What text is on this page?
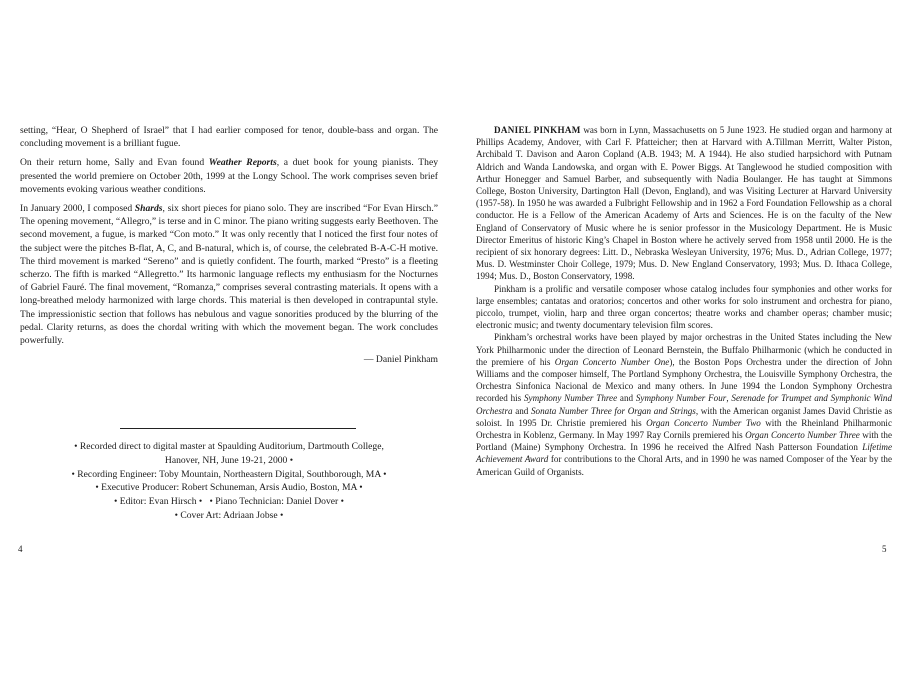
setting, “Hear, O Shepherd of Israel” that I had earlier composed for tenor, double-bass and organ. The concluding movement is a brilliant fugue.

On their return home, Sally and Evan found Weather Reports, a duet book for young pianists. They presented the world premiere on October 20th, 1999 at the Longy School. The work comprises seven brief movements evoking various weather conditions.

In January 2000, I composed Shards, six short pieces for piano solo. They are inscribed “For Evan Hirsch.” The opening movement, “Allegro,” is terse and in C minor. The piano writing suggests early Beethoven. The second movement, a fugue, is marked “Con moto.” It was only recently that I noticed the first four notes of the subject were the pitches B-flat, A, C, and B-natural, which is, of course, the celebrated B-A-C-H motive. The third movement is marked “Sereno” and is quietly confident. The fourth, marked “Presto” is a fleeting scherzo. The fifth is marked “Allegretto.” Its harmonic language reflects my enthusiasm for the Nocturnes of Gabriel Fauré. The final movement, “Romanza,” comprises several contrasting materials. It opens with a long-breathed melody harmonized with large chords. This material is then developed in contrapuntal style. The impressionistic section that follows has nebulous and vague sonorities produced by the blurring of the pedal. Clarity returns, as does the chordal writing with which the movement began. The work concludes powerfully.

— Daniel Pinkham
• Recorded direct to digital master at Spaulding Auditorium, Dartmouth College,
Hanover, NH, June 19-21, 2000 •
• Recording Engineer: Toby Mountain, Northeastern Digital, Southborough, MA •
• Executive Producer: Robert Schuneman, Arsis Audio, Boston, MA •
• Editor: Evan Hirsch •   • Piano Technician: Daniel Dover •
• Cover Art: Adriaan Jobse •
4

DANIEL PINKHAM was born in Lynn, Massachusetts on 5 June 1923. He studied organ and harmony at Phillips Academy, Andover, with Carl F. Pfatteicher; then at Harvard with A.Tillman Merritt, Walter Piston, Archibald T. Davison and Aaron Copland (A.B. 1943; M. A 1944). He also studied harpsichord with Putnam Aldrich and Wanda Landowska, and organ with E. Power Biggs. At Tanglewood he studied composition with Arthur Honegger and Samuel Barber, and subsequently with Nadia Boulanger. He has taught at Simmons College, Boston University, Dartington Hall (Devon, England), and was Visiting Lecturer at Harvard University (1957-58). In 1950 he was awarded a Fulbright Fellowship and in 1962 a Ford Foundation Fellowship as a choral conductor. He is a Fellow of the American Academy of Arts and Sciences. He is on the faculty of the New England of Conservatory of Music where he is senior professor in the Musicology Department. He is Music Director Emeritus of historic King’s Chapel in Boston where he actively served from 1958 until 2000. He is the recipient of six honorary degrees: Litt. D., Nebraska Wesleyan University, 1976; Mus. D., Adrian College, 1977; Mus. D. Westminster Choir College, 1979; Mus. D. New England Conservatory, 1993; Mus. D. Ithaca College, 1994; Mus. D., Boston Conservatory, 1998.

Pinkham is a prolific and versatile composer whose catalog includes four symphonies and other works for large ensembles; cantatas and oratorios; concertos and other works for solo instrument and orchestra for piano, piccolo, trumpet, violin, harp and three organ concertos; theatre works and chamber operas; chamber music; electronic music; and twenty documentary television film scores.

Pinkham’s orchestral works have been played by major orchestras in the United States including the New York Philharmonic under the direction of Leonard Bernstein, the Buffalo Philharmonic (which he conducted in the premiere of his Organ Concerto Number One), the Boston Pops Orchestra under the direction of John Williams and the composer himself, The Portland Symphony Orchestra, the Louisville Symphony Orchestra, the Orchestra Sinfonica Nacional de Mexico and many others. In June 1994 the London Symphony Orchestra recorded his Symphony Number Three and Symphony Number Four, Serenade for Trumpet and Symphonic Wind Orchestra and Sonata Number Three for Organ and Strings, with the American organist James David Christie as soloist. In 1995 Dr. Christie premiered his Organ Concerto Number Two with the Rheinland Philharmonic Orchestra in Koblenz, Germany. In May 1997 Ray Cornils premiered his Organ Concerto Number Three with the Portland (Maine) Symphony Orchestra. In 1996 he received the Alfred Nash Patterson Foundation Lifetime Achievement Award for contributions to the Choral Arts, and in 1990 he was named Composer of the Year by the American Guild of Organists.

5
